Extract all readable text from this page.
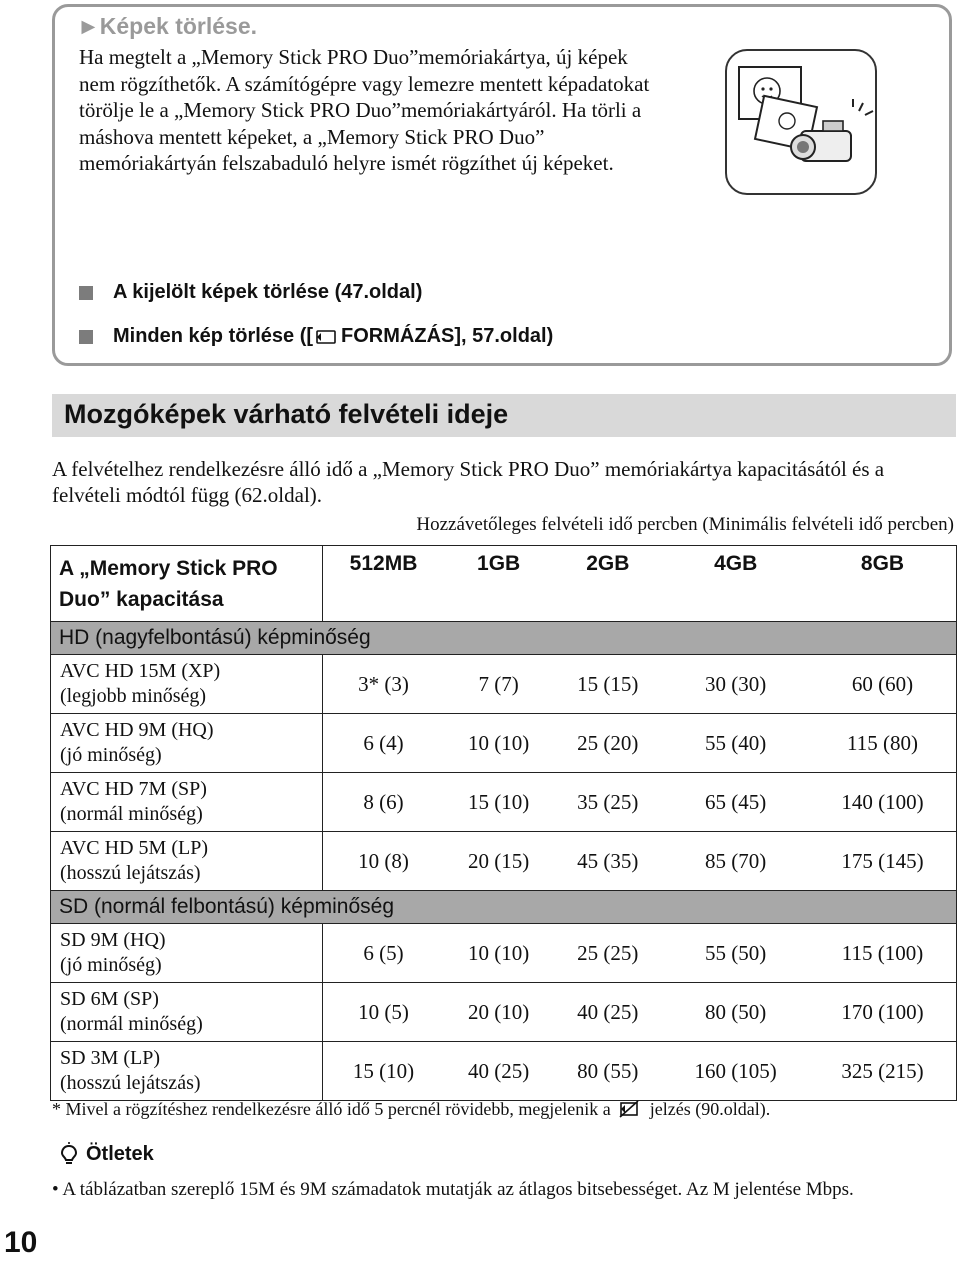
►Képek törlése.
Ha megtelt a „Memory Stick PRO Duo”memóriakártya, új képek nem rögzíthetők. A számítógépre vagy lemezre mentett képadatokat törölje le a „Memory Stick PRO Duo”memóriakártyáról. Ha törli a máshova mentett képeket, a „Memory Stick PRO Duo” memóriakártyán felszabaduló helyre ismét rögzíthet új képeket.
A kijelölt képek törlése (47.oldal)
Minden kép törlése ([ FORMÁZÁS], 57.oldal)
Mozgóképek várható felvételi ideje
A felvételhez rendelkezésre álló idő a „Memory Stick PRO Duo” memóriakártya kapacitásától és a felvételi módtól függ (62.oldal).
Hozzávetőleges felvételi idő percben (Minimális felvételi idő percben)
A „Memory Stick PRO Duo” kapacitása	512MB	1GB	2GB	4GB	8GB
HD (nagyfelbontású) képminőség					

AVC HD 15M (XP)
(legjobb minőség)	3* (3)	7 (7)	15 (15)	30 (30)	60 (60)

AVC HD 9M (HQ)
(jó minőség)	6 (4)	10 (10)	25 (20)	55 (40)	115 (80)

AVC HD 7M (SP)
(normál minőség)	8 (6)	15 (10)	35 (25)	65 (45)	140 (100)

AVC HD 5M (LP)
(hosszú lejátszás)	10 (8)	20 (15)	45 (35)	85 (70)	175 (145)
SD (normál felbontású) képminőség					

SD 9M (HQ)
(jó minőség)	6 (5)	10 (10)	25 (25)	55 (50)	115 (100)

SD 6M (SP)
(normál minőség)	10 (5)	20 (10)	40 (25)	80 (50)	170 (100)

SD 3M (LP)
(hosszú lejátszás)	15 (10)	40 (25)	80 (55)	160 (105)	325 (215)
* Mivel a rögzítéshez rendelkezésre álló idő 5 percnél rövidebb, megjelenik a jelzés (90.oldal).
Ötletek
• A táblázatban szereplő 15M és 9M számadatok mutatják az átlagos bitsebességet. Az M jelentése Mbps.
10
